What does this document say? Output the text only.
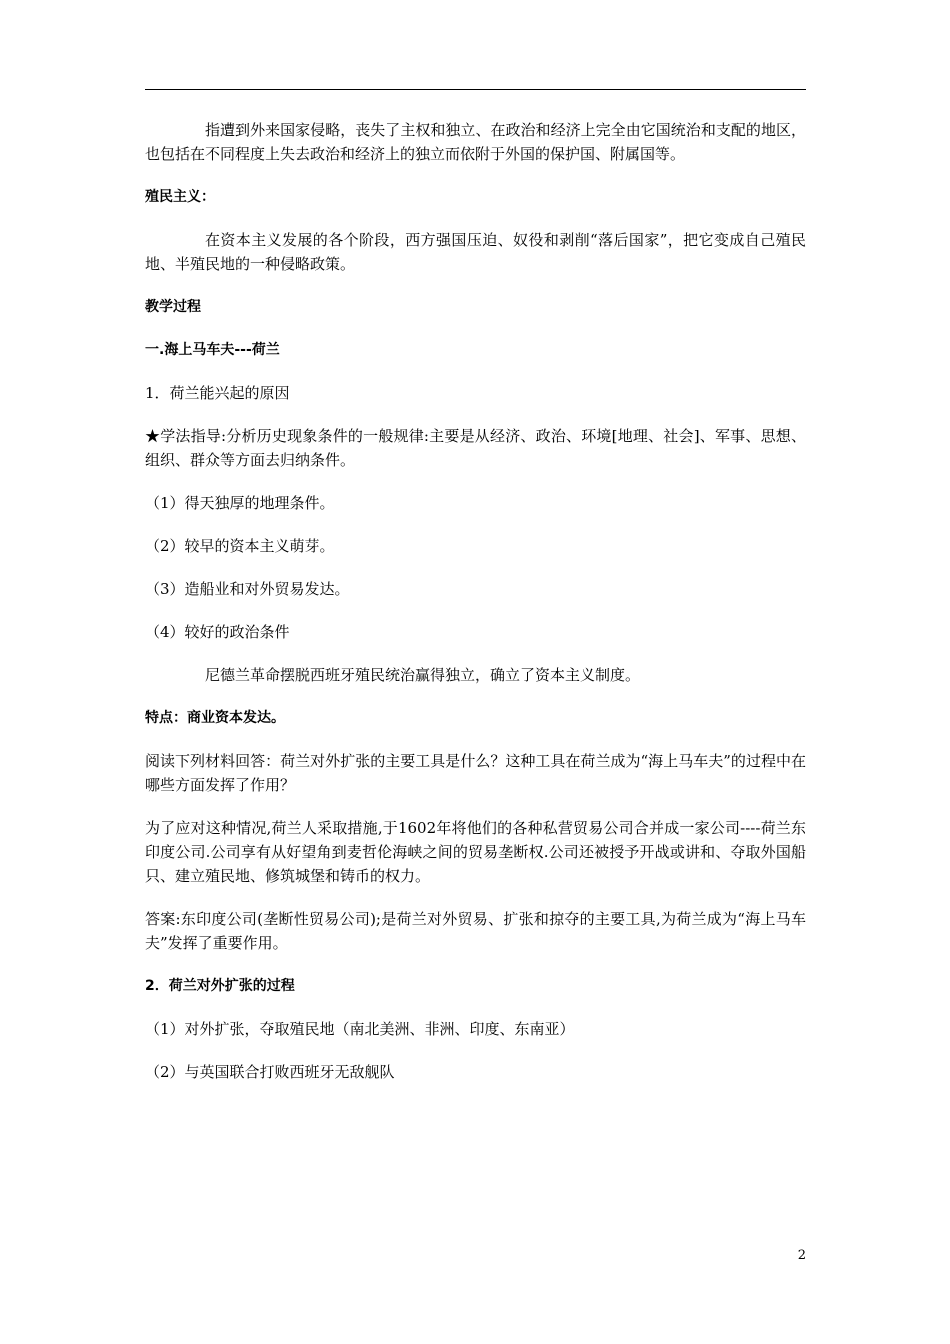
指遭到外来国家侵略，丧失了主权和独立、在政治和经济上完全由它国统治和支配的地区，也包括在不同程度上失去政治和经济上的独立而依附于外国的保护国、附属国等。

殖民主义：

在资本主义发展的各个阶段，西方强国压迫、奴役和剥削“落后国家”，把它变成自己殖民地、半殖民地的一种侵略政策。

教学过程

一.海上马车夫---荷兰

1．荷兰能兴起的原因

★学法指导:分析历史现象条件的一般规律:主要是从经济、政治、环境[地理、社会]、军事、思想、组织、群众等方面去归纳条件。

（1）得天独厚的地理条件。

（2）较早的资本主义萌芽。

（3）造船业和对外贸易发达。

（4）较好的政治条件

尼德兰革命摆脱西班牙殖民统治赢得独立，确立了资本主义制度。

特点：商业资本发达。

阅读下列材料回答：荷兰对外扩张的主要工具是什么？这种工具在荷兰成为“海上马车夫”的过程中在哪些方面发挥了作用？

为了应对这种情况,荷兰人采取措施,于1602年将他们的各种私营贸易公司合并成一家公司----荷兰东印度公司.公司享有从好望角到麦哲伦海峡之间的贸易垄断权.公司还被授予开战或讲和、夺取外国船只、建立殖民地、修筑城堡和铸币的权力。

答案:东印度公司(垄断性贸易公司);是荷兰对外贸易、扩张和掠夺的主要工具,为荷兰成为“海上马车夫”发挥了重要作用。

2．荷兰对外扩张的过程

（1）对外扩张，夺取殖民地（南北美洲、非洲、印度、东南亚）

（2）与英国联合打败西班牙无敌舰队

2
